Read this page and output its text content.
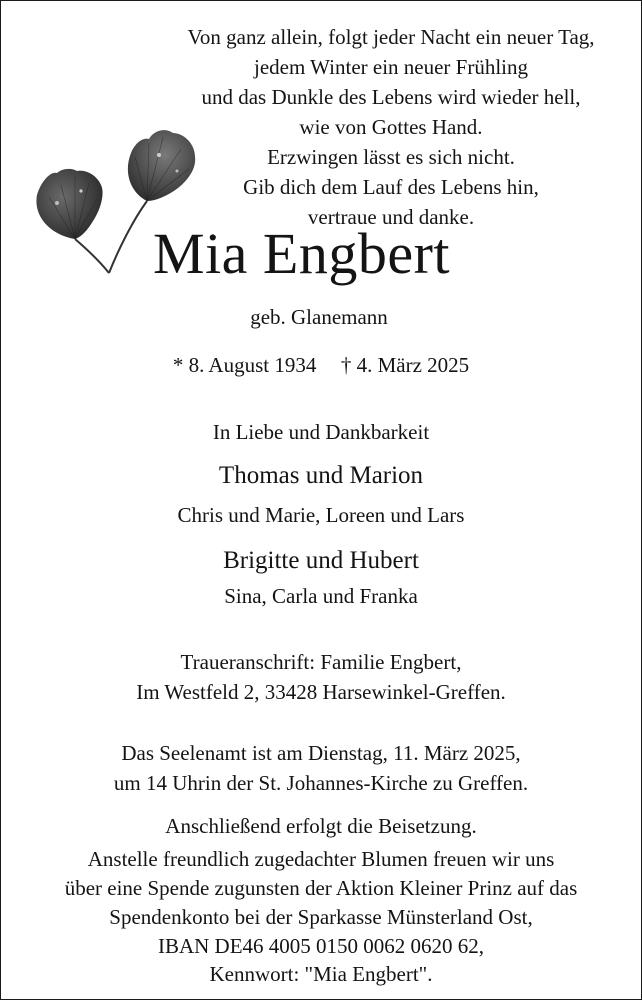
Von ganz allein, folgt jeder Nacht ein neuer Tag,
jedem Winter ein neuer Frühling
und das Dunkle des Lebens wird wieder hell,
wie von Gottes Hand.
Erzwingen lässt es sich nicht.
Gib dich dem Lauf des Lebens hin,
vertraue und danke.
Mia Engbert
geb. Glanemann
* 8. August 1934 † 4. März 2025
In Liebe und Dankbarkeit
Thomas und Marion
Chris und Marie, Loreen und Lars
Brigitte und Hubert
Sina, Carla und Franka
Traueranschrift: Familie Engbert,
Im Westfeld 2, 33428 Harsewinkel-Greffen.
Das Seelenamt ist am Dienstag, 11. März 2025,
um 14 Uhrin der St. Johannes-Kirche zu Greffen.
Anschließend erfolgt die Beisetzung.
Anstelle freundlich zugedachter Blumen freuen wir uns
über eine Spende zugunsten der Aktion Kleiner Prinz auf das
Spendenkonto bei der Sparkasse Münsterland Ost,
IBAN DE46 4005 0150 0062 0620 62,
Kennwort: "Mia Engbert".
